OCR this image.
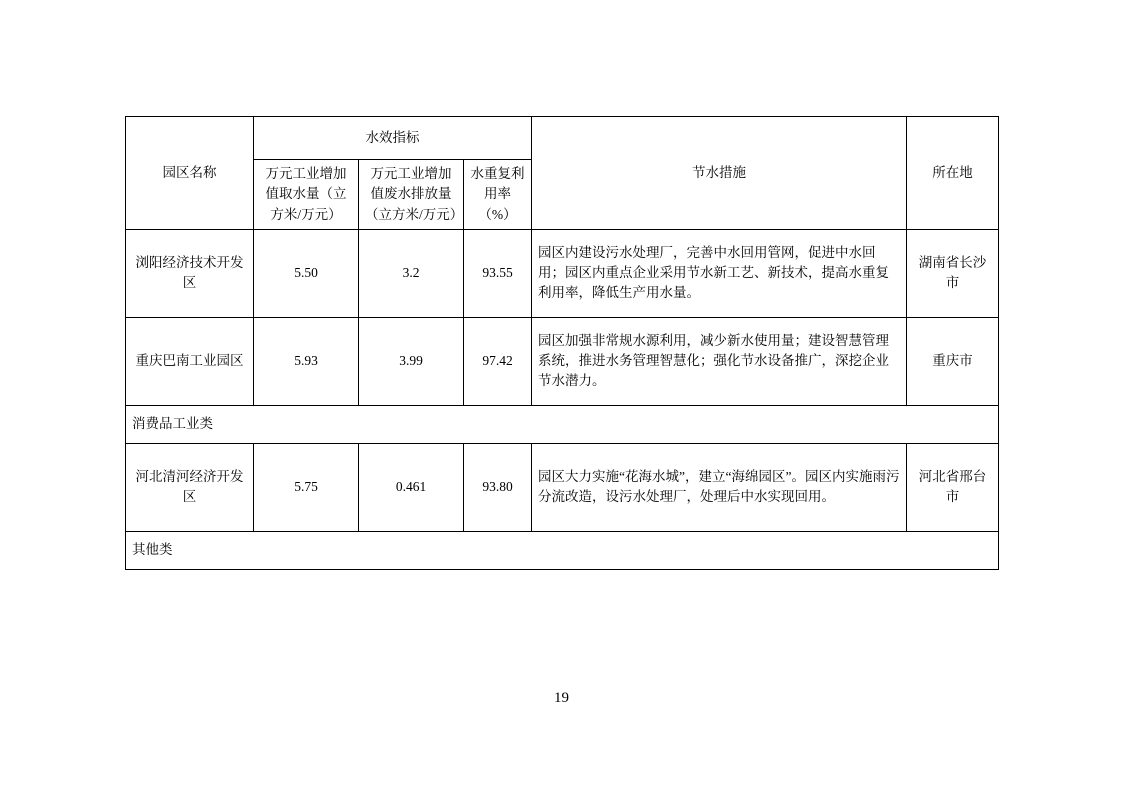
园区名称	水效指标			节水措施	所在地
	万元工业增加值取水量（立方米/万元）	万元工业增加值废水排放量（立方米/万元）	水重复利用率（%）		
浏阳经济技术开发区	5.50	3.2	93.55	园区内建设污水处理厂，完善中水回用管网，促进中水回用；园区内重点企业采用节水新工艺、新技术，提高水重复利用率，降低生产用水量。	湖南省长沙市
重庆巴南工业园区	5.93	3.99	97.42	园区加强非常规水源利用，减少新水使用量；建设智慧管理系统，推进水务管理智慧化；强化节水设备推广，深挖企业节水潜力。	重庆市
消费品工业类					
河北清河经济开发区	5.75	0.461	93.80	园区大力实施“花海水城”，建立“海绵园区”。园区内实施雨污分流改造，设污水处理厂，处理后中水实现回用。	河北省邢台市
其他类					
19
